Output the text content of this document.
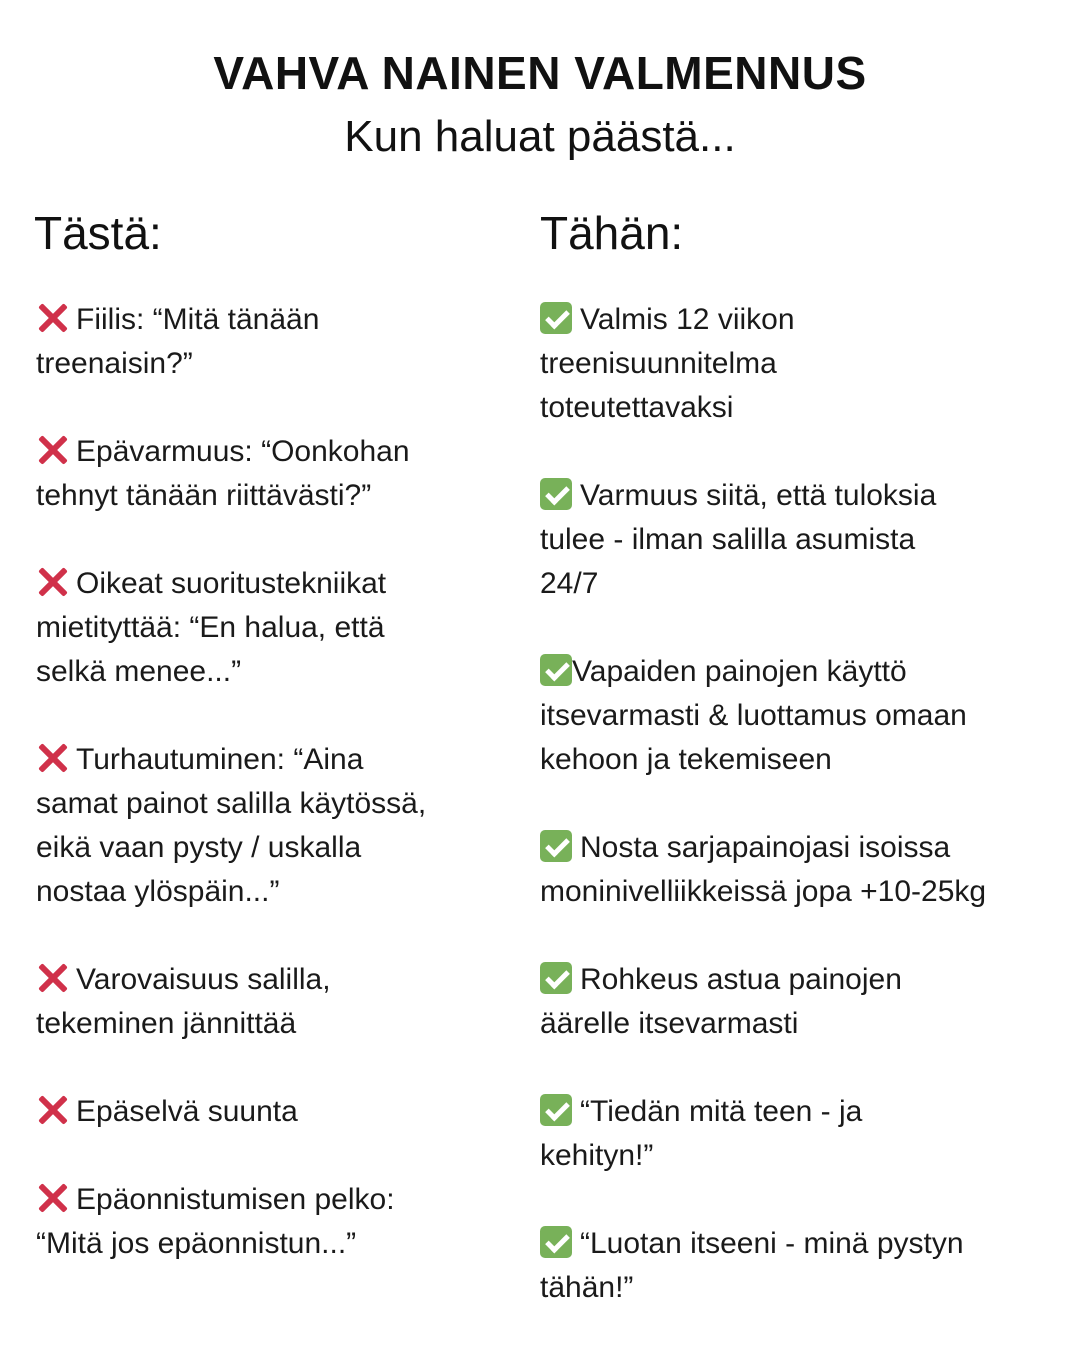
VAHVA NAINEN VALMENNUS
Kun haluat päästä...
Tästä:	Tähän:
Fiilis: “Mitä tänään
treenaisin?”
Epävarmuus: “Oonkohan
tehnyt tänään riittävästi?”
Oikeat suoritustekniikat
mietityttää: “En halua, että
selkä menee...”
Turhautuminen: “Aina
samat painot salilla käytössä,
eikä vaan pysty / uskalla
nostaa ylöspäin...”
Varovaisuus salilla,
tekeminen jännittää
Epäselvä suunta
Epäonnistumisen pelko:
“Mitä jos epäonnistun...”
Valmis 12 viikon
treenisuunnitelma
toteutettavaksi
Varmuus siitä, että tuloksia
tulee - ilman salilla asumista
24/7
Vapaiden painojen käyttö
itsevarmasti & luottamus omaan
kehoon ja tekemiseen
Nosta sarjapainojasi isoissa
moninivelliikkeissä jopa +10-25kg
Rohkeus astua painojen
äärelle itsevarmasti
“Tiedän mitä teen - ja
kehityn!”
“Luotan itseeni - minä pystyn
tähän!”
